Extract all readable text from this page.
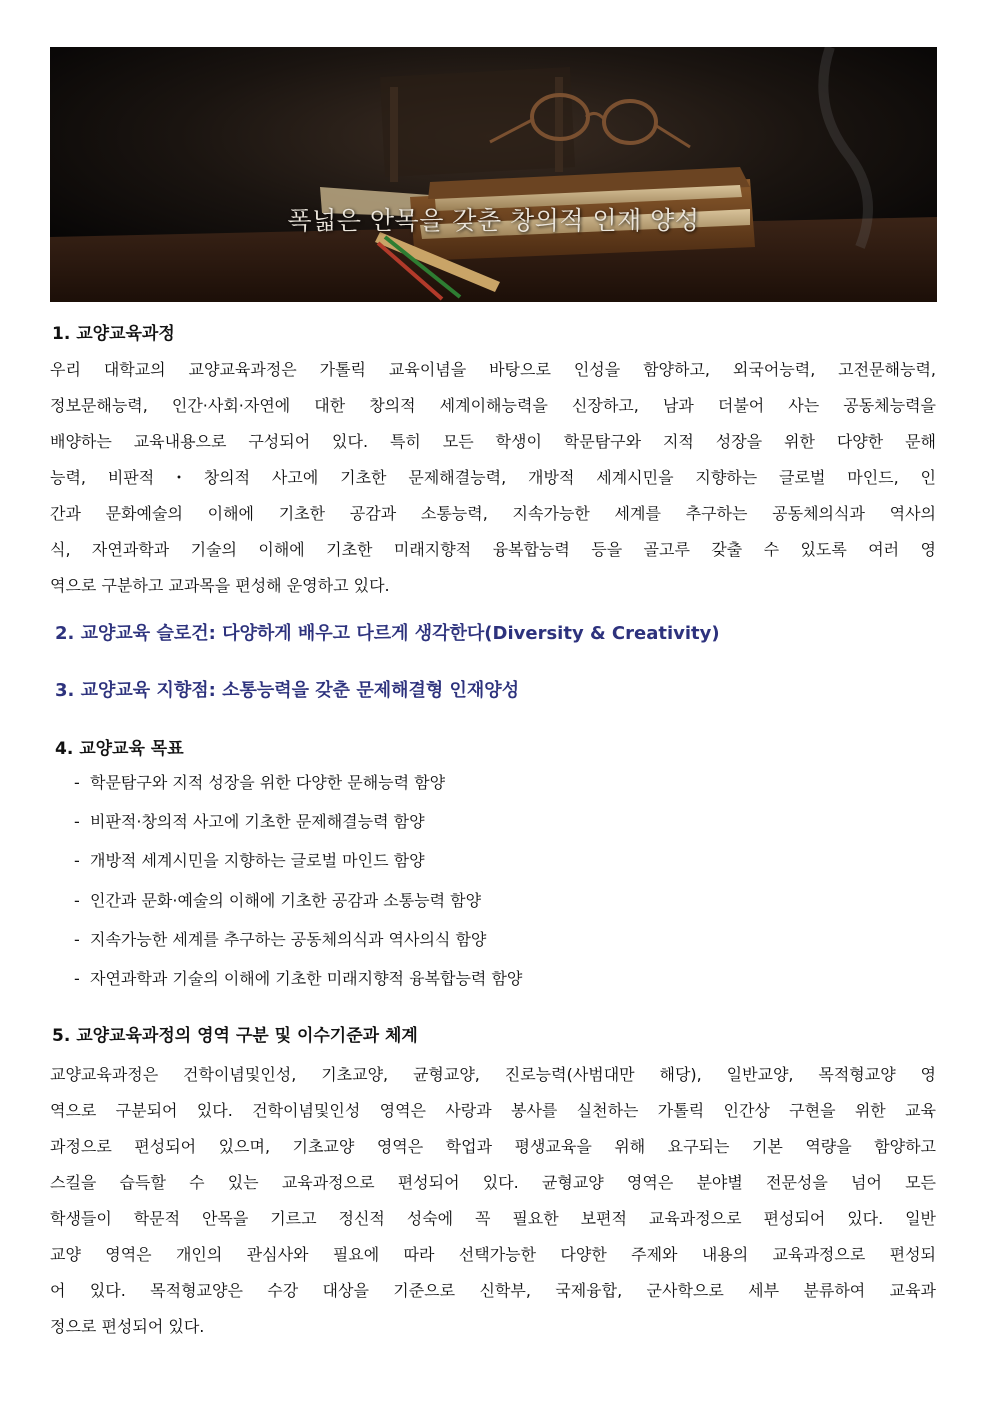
폭넓은 안목을 갖춘 창의적 인재 양성
1. 교양교육과정

우리 대학교의 교양교육과정은 가톨릭 교육이념을 바탕으로 인성을 함양하고, 외국어능력, 고전문해능력,
정보문해능력, 인간·사회·자연에 대한 창의적 세계이해능력을 신장하고, 남과 더불어 사는 공동체능력을
배양하는 교육내용으로 구성되어 있다. 특히 모든 학생이 학문탐구와 지적 성장을 위한 다양한 문해
능력, 비판적・창의적 사고에 기초한 문제해결능력, 개방적 세계시민을 지향하는 글로벌 마인드, 인
간과 문화예술의 이해에 기초한 공감과 소통능력, 지속가능한 세계를 추구하는 공동체의식과 역사의
식, 자연과학과 기술의 이해에 기초한 미래지향적 융복합능력 등을 골고루 갖출 수 있도록 여러 영
역으로 구분하고 교과목을 편성해 운영하고 있다.

2. 교양교육 슬로건: 다양하게 배우고 다르게 생각한다(Diversity & Creativity)
3. 교양교육 지향점: 소통능력을 갖춘 문제해결형 인재양성
4. 교양교육 목표
- 학문탐구와 지적 성장을 위한 다양한 문해능력 함양
- 비판적·창의적 사고에 기초한 문제해결능력 함양
- 개방적 세계시민을 지향하는 글로벌 마인드 함양
- 인간과 문화·예술의 이해에 기초한 공감과 소통능력 함양
- 지속가능한 세계를 추구하는 공동체의식과 역사의식 함양
- 자연과학과 기술의 이해에 기초한 미래지향적 융복합능력 함양
5. 교양교육과정의 영역 구분 및 이수기준과 체계

교양교육과정은 건학이념및인성, 기초교양, 균형교양, 진로능력(사범대만 해당), 일반교양, 목적형교양 영
역으로 구분되어 있다. 건학이념및인성 영역은 사랑과 봉사를 실천하는 가톨릭 인간상 구현을 위한 교육
과정으로 편성되어 있으며, 기초교양 영역은 학업과 평생교육을 위해 요구되는 기본 역량을 함양하고
스킬을 습득할 수 있는 교육과정으로 편성되어 있다. 균형교양 영역은 분야별 전문성을 넘어 모든
학생들이 학문적 안목을 기르고 정신적 성숙에 꼭 필요한 보편적 교육과정으로 편성되어 있다. 일반
교양 영역은 개인의 관심사와 필요에 따라 선택가능한 다양한 주제와 내용의 교육과정으로 편성되
어 있다. 목적형교양은 수강 대상을 기준으로 신학부, 국제융합, 군사학으로 세부 분류하여 교육과
정으로 편성되어 있다.
